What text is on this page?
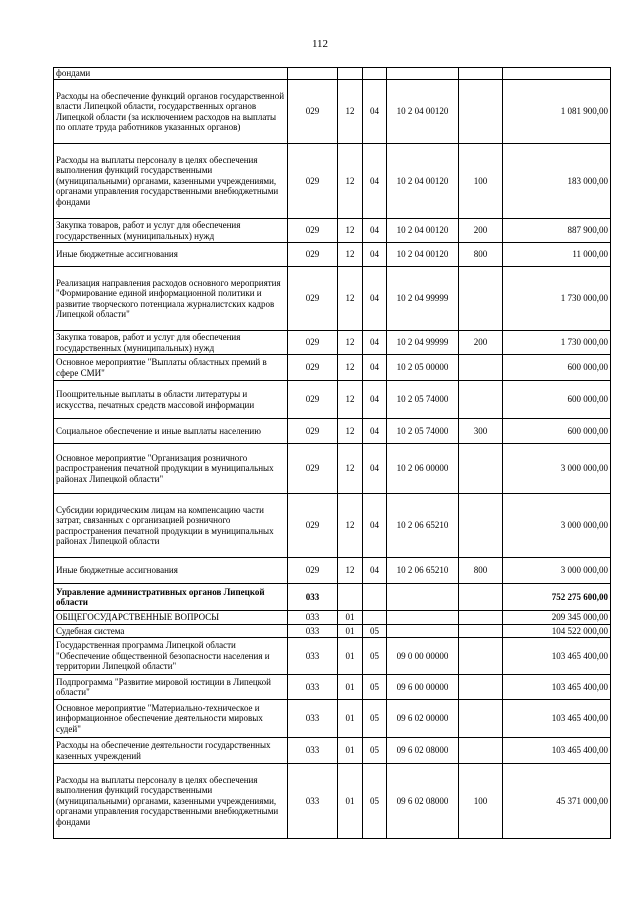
112
фондами						
Расходы на обеспечение функций органов государственной власти Липецкой области, государственных органов Липецкой области (за исключением расходов на выплаты по оплате труда работников указанных органов)	029	12	04	10 2 04 00120		1 081 900,00
Расходы на выплаты персоналу в целях обеспечения выполнения функций государственными (муниципальными) органами, казенными учреждениями, органами управления государственными внебюджетными фондами	029	12	04	10 2 04 00120	100	183 000,00
Закупка товаров, работ и услуг для обеспечения государственных (муниципальных) нужд	029	12	04	10 2 04 00120	200	887 900,00
Иные бюджетные ассигнования	029	12	04	10 2 04 00120	800	11 000,00
Реализация направления расходов основного мероприятия "Формирование единой информационной политики и развитие творческого потенциала журналистских кадров Липецкой области"	029	12	04	10 2 04 99999		1 730 000,00
Закупка товаров, работ и услуг для обеспечения государственных (муниципальных) нужд	029	12	04	10 2 04 99999	200	1 730 000,00
Основное мероприятие "Выплаты областных премий в сфере СМИ"	029	12	04	10 2 05 00000		600 000,00
Поощрительные выплаты в области литературы и искусства, печатных средств массовой информации	029	12	04	10 2 05 74000		600 000,00
Социальное обеспечение и иные выплаты населению	029	12	04	10 2 05 74000	300	600 000,00
Основное мероприятие "Организация розничного распространения печатной продукции в муниципальных районах Липецкой области"	029	12	04	10 2 06 00000		3 000 000,00
Субсидии юридическим лицам на компенсацию части затрат, связанных с организацией розничного распространения печатной продукции в муниципальных районах Липецкой области	029	12	04	10 2 06 65210		3 000 000,00
Иные бюджетные ассигнования	029	12	04	10 2 06 65210	800	3 000 000,00
Управление административных органов Липецкой области	033					752 275 600,00
ОБЩЕГОСУДАРСТВЕННЫЕ ВОПРОСЫ	033	01				209 345 000,00
Судебная система	033	01	05			104 522 000,00
Государственная программа Липецкой области "Обеспечение общественной безопасности населения и территории Липецкой области"	033	01	05	09 0 00 00000		103 465 400,00
Подпрограмма "Развитие мировой юстиции в Липецкой области"	033	01	05	09 6 00 00000		103 465 400,00
Основное мероприятие "Материально-техническое и информационное обеспечение деятельности мировых судей"	033	01	05	09 6 02 00000		103 465 400,00
Расходы на обеспечение деятельности государственных казенных учреждений	033	01	05	09 6 02 08000		103 465 400,00
Расходы на выплаты персоналу в целях обеспечения выполнения функций государственными (муниципальными) органами, казенными учреждениями, органами управления государственными внебюджетными фондами	033	01	05	09 6 02 08000	100	45 371 000,00
